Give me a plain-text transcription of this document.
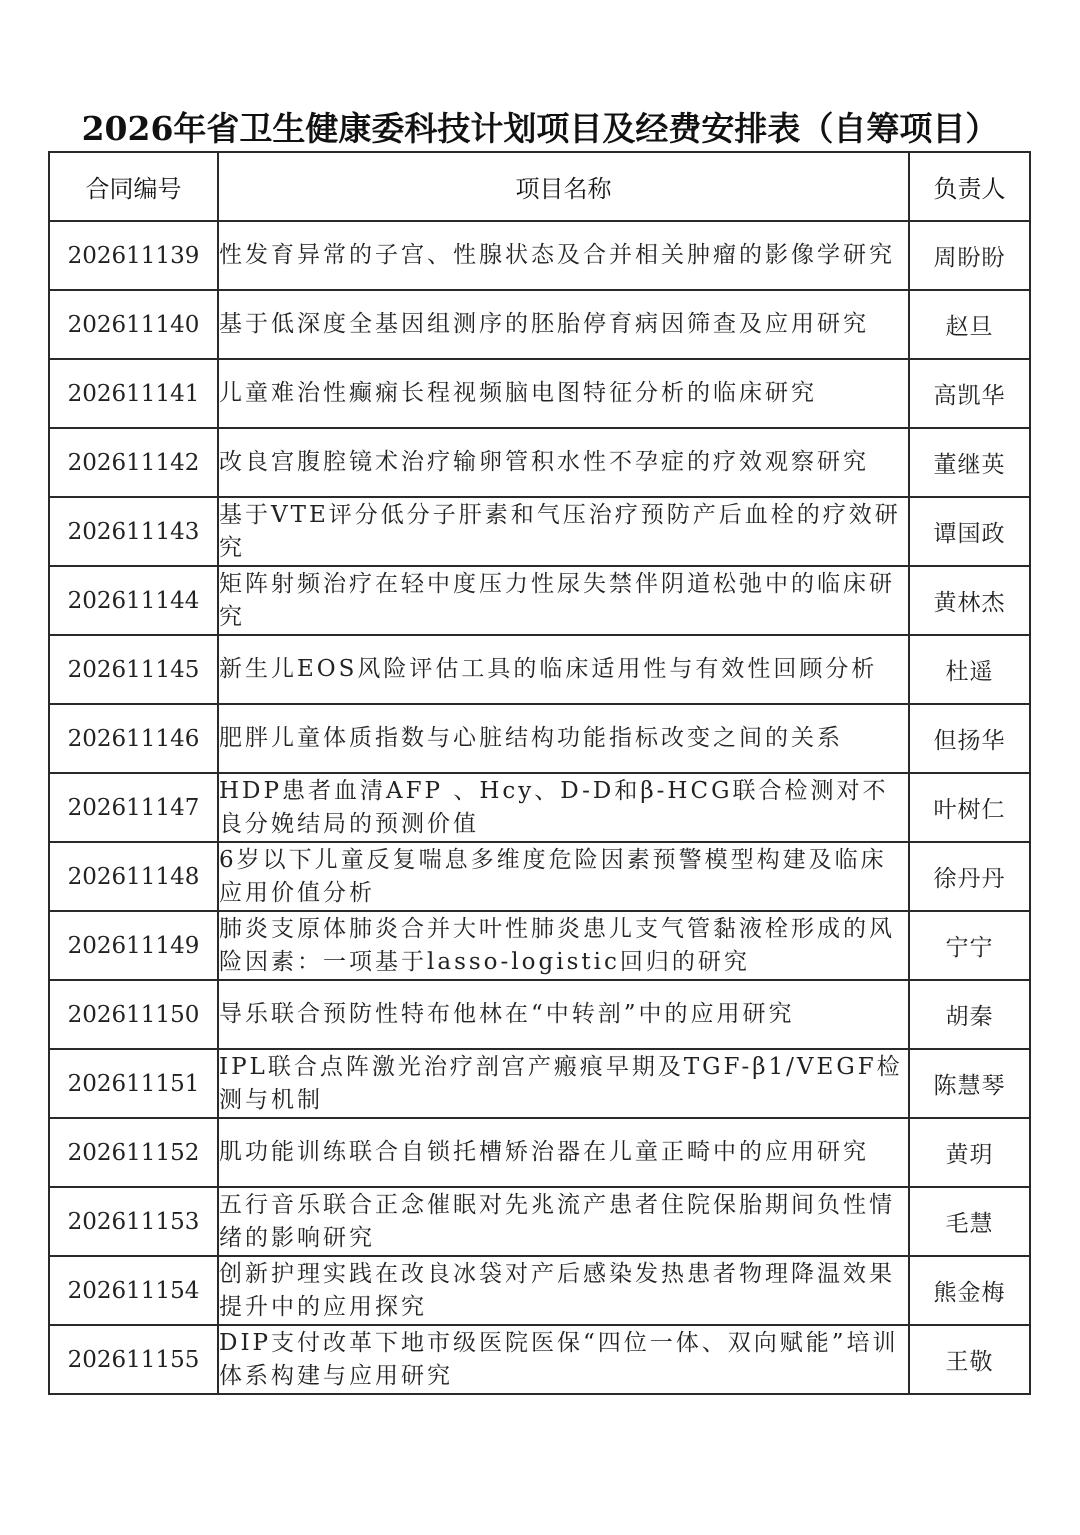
2026年省卫生健康委科技计划项目及经费安排表（自筹项目）
合同编号	项目名称	负责人
202611139	性发育异常的子宫、性腺状态及合并相关肿瘤的影像学研究	周盼盼
202611140	基于低深度全基因组测序的胚胎停育病因筛查及应用研究	赵旦
202611141	儿童难治性癫痫长程视频脑电图特征分析的临床研究	高凯华
202611142	改良宫腹腔镜术治疗输卵管积水性不孕症的疗效观察研究	董继英
202611143	基于VTE评分低分子肝素和气压治疗预防产后血栓的疗效研究	谭国政
202611144	矩阵射频治疗在轻中度压力性尿失禁伴阴道松弛中的临床研究	黄林杰
202611145	新生儿EOS风险评估工具的临床适用性与有效性回顾分析	杜遥
202611146	肥胖儿童体质指数与心脏结构功能指标改变之间的关系	但扬华
202611147	HDP患者血清AFP 、Hcy、D-D和β-HCG联合检测对不良分娩结局的预测价值	叶树仁
202611148	6岁以下儿童反复喘息多维度危险因素预警模型构建及临床应用价值分析	徐丹丹
202611149	肺炎支原体肺炎合并大叶性肺炎患儿支气管黏液栓形成的风险因素：一项基于lasso-logistic回归的研究	宁宁
202611150	导乐联合预防性特布他林在“中转剖”中的应用研究	胡秦
202611151	IPL联合点阵激光治疗剖宫产瘢痕早期及TGF-β1/VEGF检测与机制	陈慧琴
202611152	肌功能训练联合自锁托槽矫治器在儿童正畸中的应用研究	黄玥
202611153	五行音乐联合正念催眠对先兆流产患者住院保胎期间负性情绪的影响研究	毛慧
202611154	创新护理实践在改良冰袋对产后感染发热患者物理降温效果提升中的应用探究	熊金梅
202611155	DIP支付改革下地市级医院医保“四位一体、双向赋能”培训体系构建与应用研究	王敬
